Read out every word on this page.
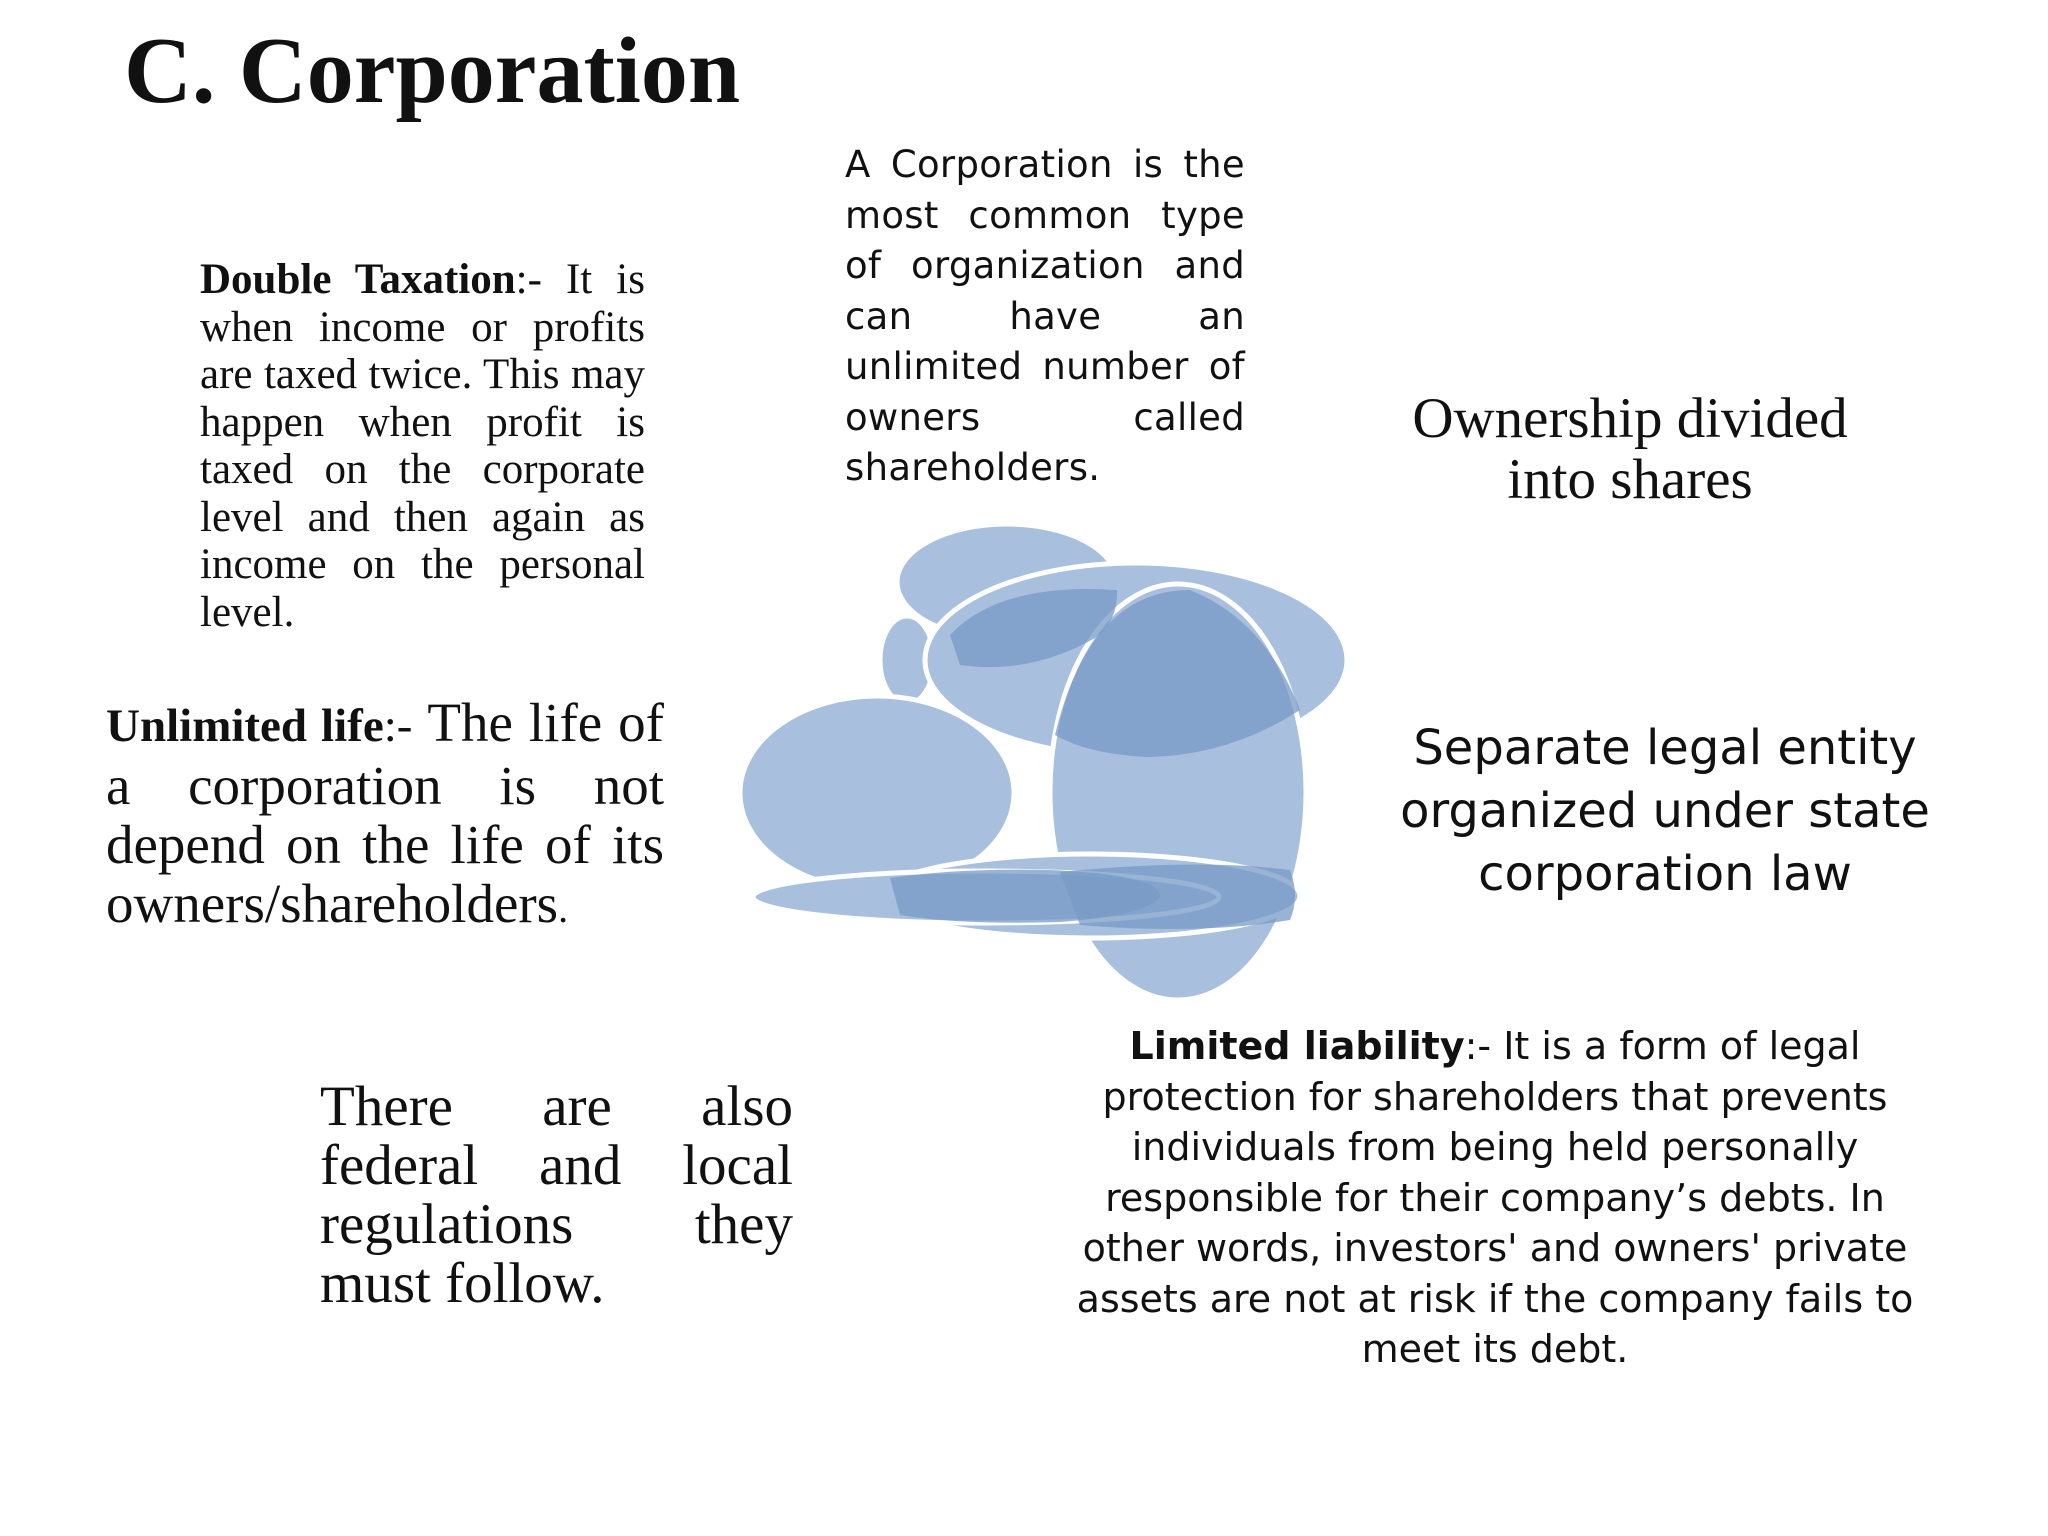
C. Corporation

A Corporation is the most common type of organization and can have an unlimited number of owners called shareholders.

Double Taxation:- It is when income or profits are taxed twice. This may happen when profit is taxed on the corporate level and then again as income on the personal level.

Unlimited life:- The life of a corporation is not depend on the life of its owners/shareholders.

Ownership divided into shares

Separate legal entity organized under state corporation law

Limited liability:- It is a form of legal protection for shareholders that prevents individuals from being held personally responsible for their company’s debts. In other words, investors' and owners' private assets are not at risk if the company fails to meet its debt.

There are also federal and local regulations they must follow.
